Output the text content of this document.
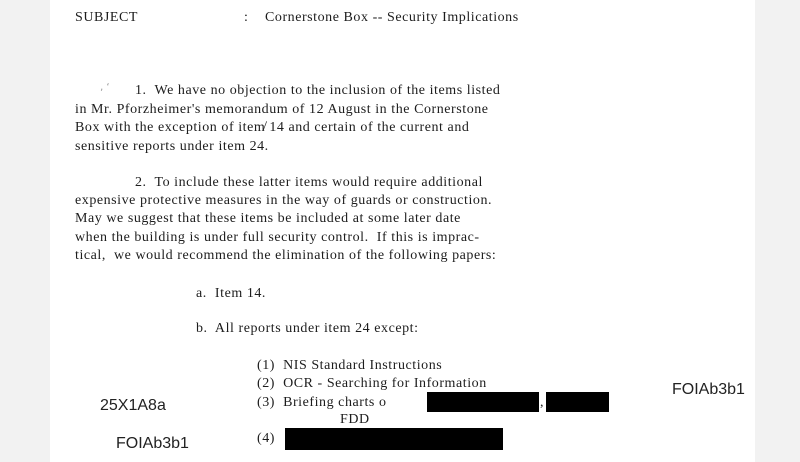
SUBJECT	: Cornerstone Box -- Security Implications
‚ ‘ 1.  We have no objection to the inclusion of the items listed
in Mr. Pforzheimer's memorandum of 12 August in the Cornerstone
Box with the exception of item̸ 14 and certain of the current and
sensitive reports under item 24.
2.  To include these latter items would require additional
expensive protective measures in the way of guards or construction.
May we suggest that these items be included at some later date
when the building is under full security control.  If this is imprac-
tical,  we would recommend the elimination of the following papers:
a.  Item 14.
b.  All reports under item 24 except:
(1)  NIS Standard Instructions
(2)  OCR - Searching for Information
(3)  Briefing charts o	,
FDD
(4)
FOIAb3b1
25X1A8a
FOIAb3b1
